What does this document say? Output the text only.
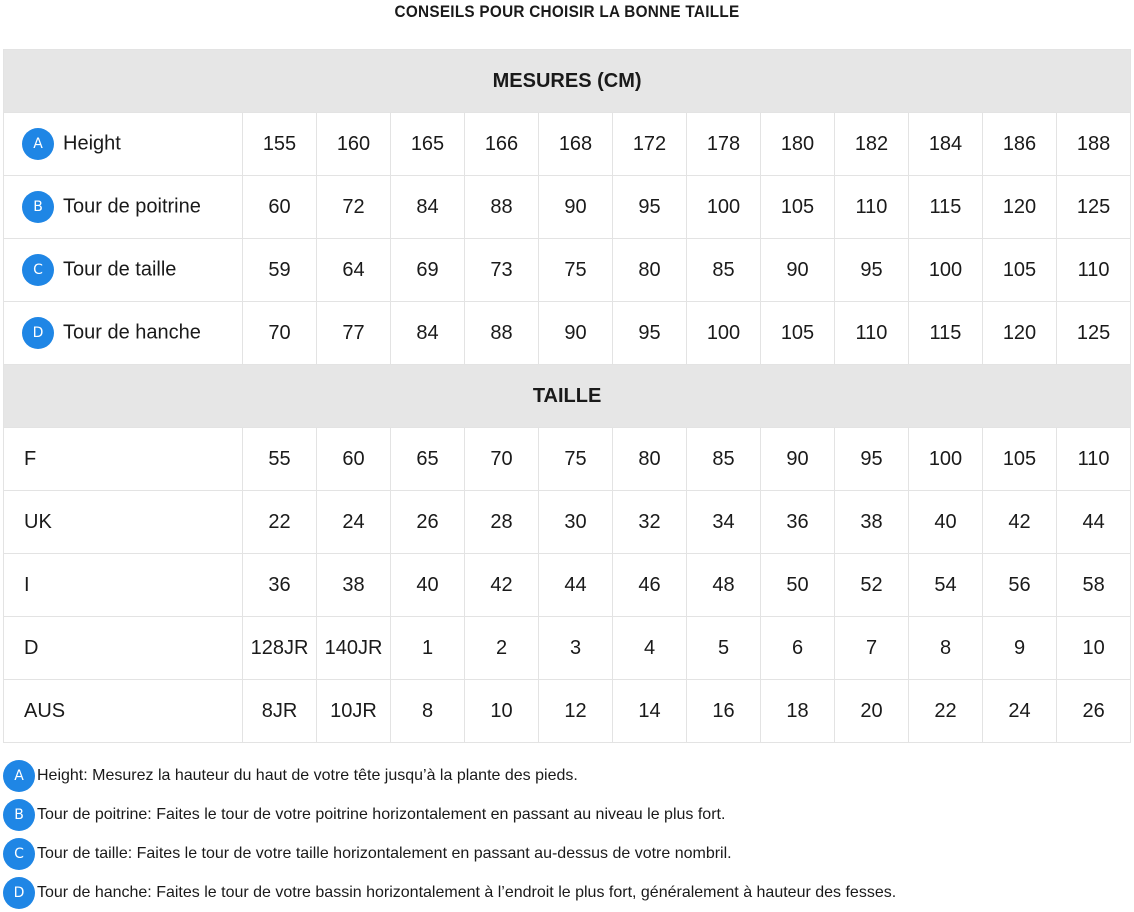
CONSEILS POUR CHOISIR LA BONNE TAILLE
MESURES (CM)												
A Height	155	160	165	166	168	172	178	180	182	184	186	188
B Tour de poitrine	60	72	84	88	90	95	100	105	110	115	120	125
C Tour de taille	59	64	69	73	75	80	85	90	95	100	105	110
D Tour de hanche	70	77	84	88	90	95	100	105	110	115	120	125
TAILLE												
F	55	60	65	70	75	80	85	90	95	100	105	110
UK	22	24	26	28	30	32	34	36	38	40	42	44
I	36	38	40	42	44	46	48	50	52	54	56	58
D	128JR	140JR	1	2	3	4	5	6	7	8	9	10
AUS	8JR	10JR	8	10	12	14	16	18	20	22	24	26
A Height:
Mesurez la hauteur du haut de votre tête jusqu’à la plante des pieds.
B Tour de poitrine:
Faites le tour de votre poitrine horizontalement en passant au niveau le plus fort.
C Tour de taille:
Faites le tour de votre taille horizontalement en passant au-dessus de votre nombril.
D Tour de hanche:
Faites le tour de votre bassin horizontalement à l’endroit le plus fort, généralement à hauteur des fesses.
